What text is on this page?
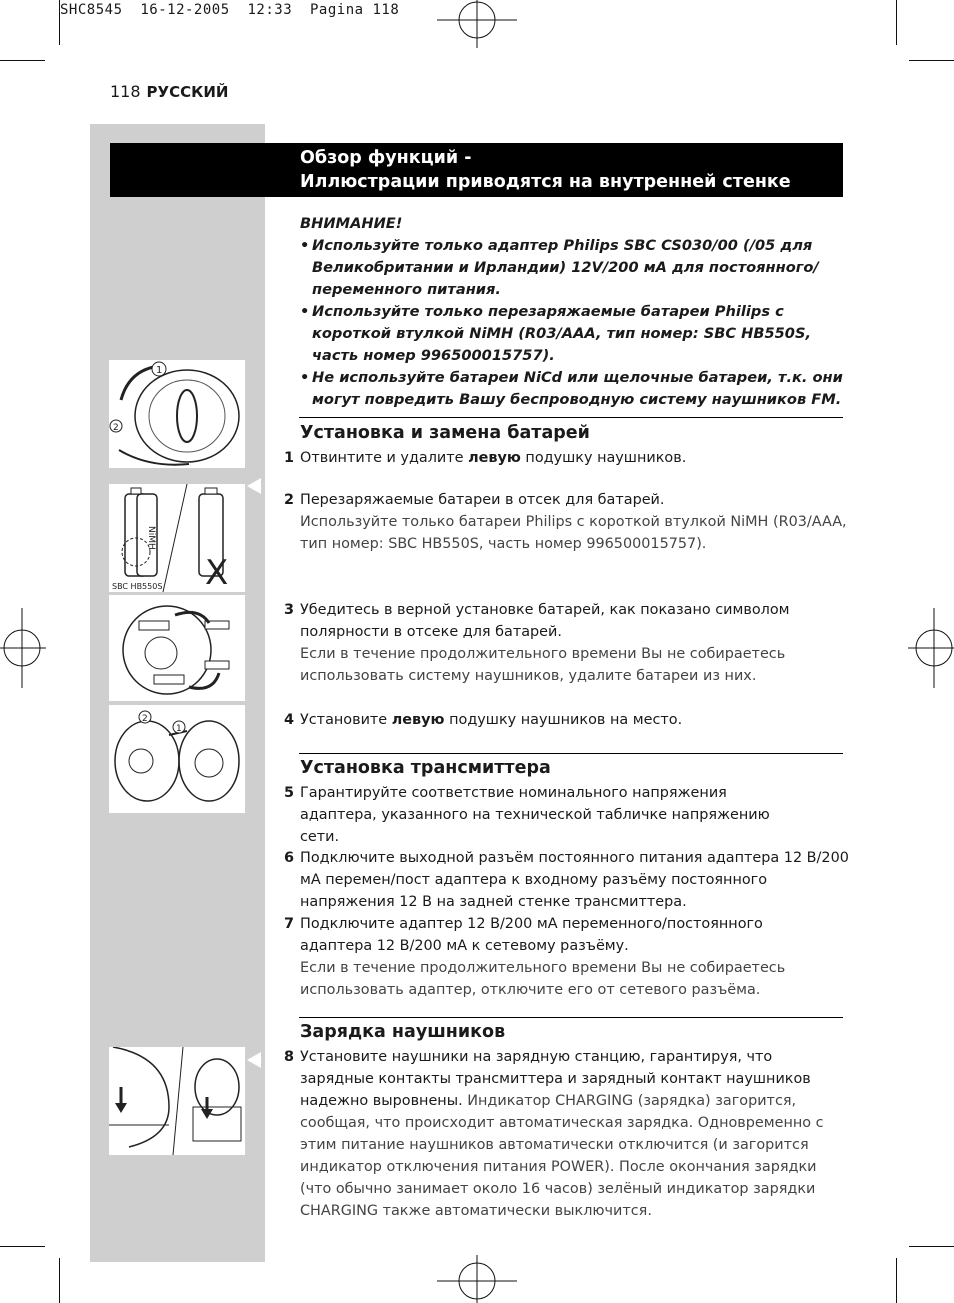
SHC8545  16-12-2005  12:33  Pagina 118
118 РУССКИЙ
Обзор функций -
Иллюстрации приводятся на внутренней стенке
ВНИМАНИЕ!
• Используйте только адаптер Philips SBC CS030/00 (/05 для Великобритании и Ирландии) 12V/200 мA для постоянного/переменного питания.
• Используйте только перезаряжаемые батареи Philips с короткой втулкой NiMH (R03/AAA, тип номер: SBC HB550S, часть номер 996500015757).
• Не используйте батареи NiCd или щелочные батареи, т.к. они могут повредить Вашу беспроводную систему наушников FM.
Установка и замена батарей
1 Отвинтите и удалите левую подушку наушников.
2 Перезаряжаемые батареи в отсек для батарей.
Используйте только батареи Philips с короткой втулкой NiMH (R03/AAA, тип номер: SBC HB550S, часть номер 996500015757).
3 Убедитесь в верной установке батарей, как показано символом полярности в отсеке для батарей.
Если в течение продолжительного времени Вы не собираетесь использовать систему наушников, удалите батареи из них.
4 Установите левую подушку наушников на место.
Установка трансмиттера
5 Гарантируйте соответствие номинального напряжения адаптера, указанного на технической табличке напряжению сети.
6 Подключите выходной разъём постоянного питания адаптера 12 В/200 мА перемен/пост адаптера к входному разъёму постоянного напряжения 12 В на задней стенке трансмиттера.
7 Подключите адаптер 12 В/200 мА переменного/постоянного адаптера 12 В/200 мА к сетевому разъёму.
Если в течение продолжительного времени Вы не собираетесь использовать адаптер, отключите его от сетевого разъёма.
Зарядка наушников
8 Установите наушники на зарядную станцию, гарантируя, что зарядные контакты трансмиттера и зарядный контакт наушников надежно выровнены. Индикатор CHARGING (зарядка) загорится, сообщая, что происходит автоматическая зарядка. Одновременно с этим питание наушников автоматически отключится (и загорится индикатор отключения питания POWER). После окончания зарядки (что обычно занимает около 16 часов) зелёный индикатор зарядки CHARGING также автоматически выключится.
1
2
NiMH
X
SBC HB550S
2
1
